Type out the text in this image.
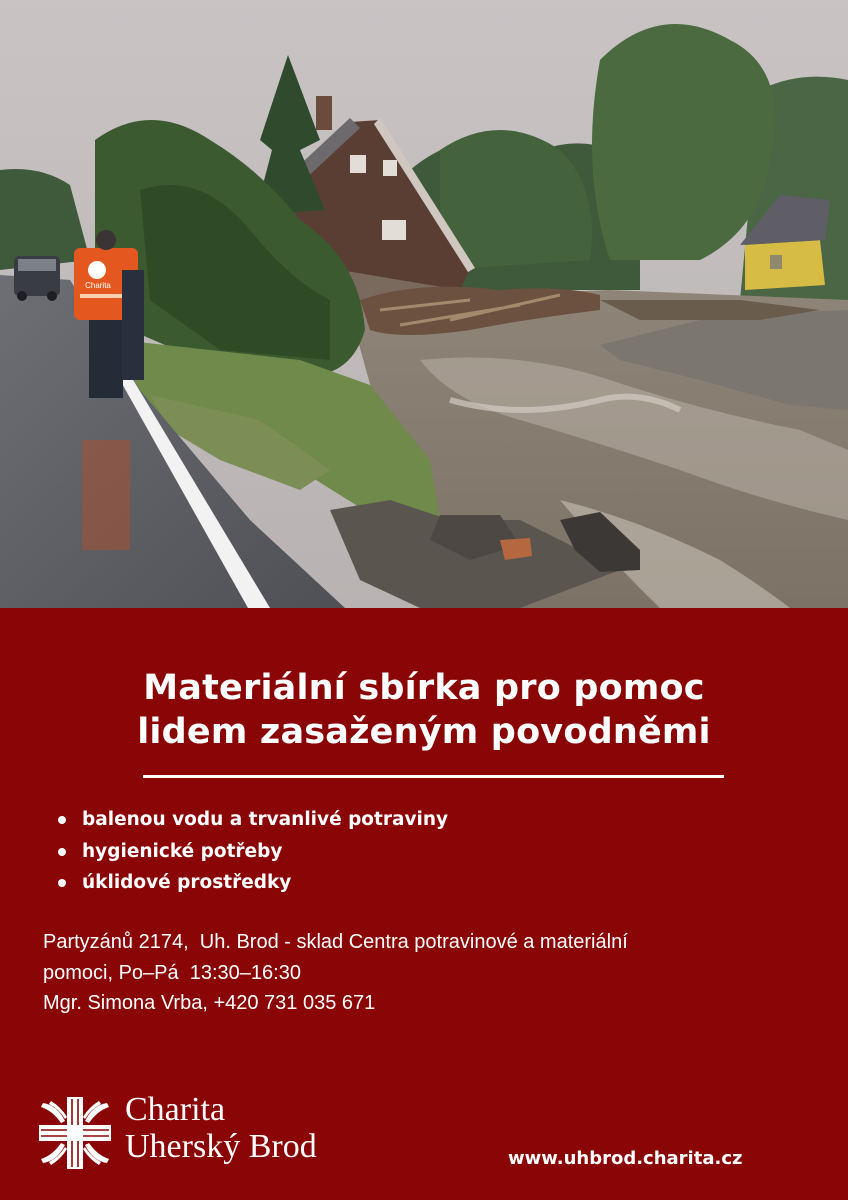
Charita
Materiální sbírka pro pomoc
lidem zasaženým povodněmi
balenou vodu a trvanlivé potraviny
hygienické potřeby
úklidové prostředky
Partyzánů 2174,  Uh. Brod - sklad Centra potravinové a materiální
pomoci, Po–Pá  13:30–16:30
Mgr. Simona Vrba, +420 731 035 671
Charita
Uherský Brod	www.uhbrod.charita.cz
